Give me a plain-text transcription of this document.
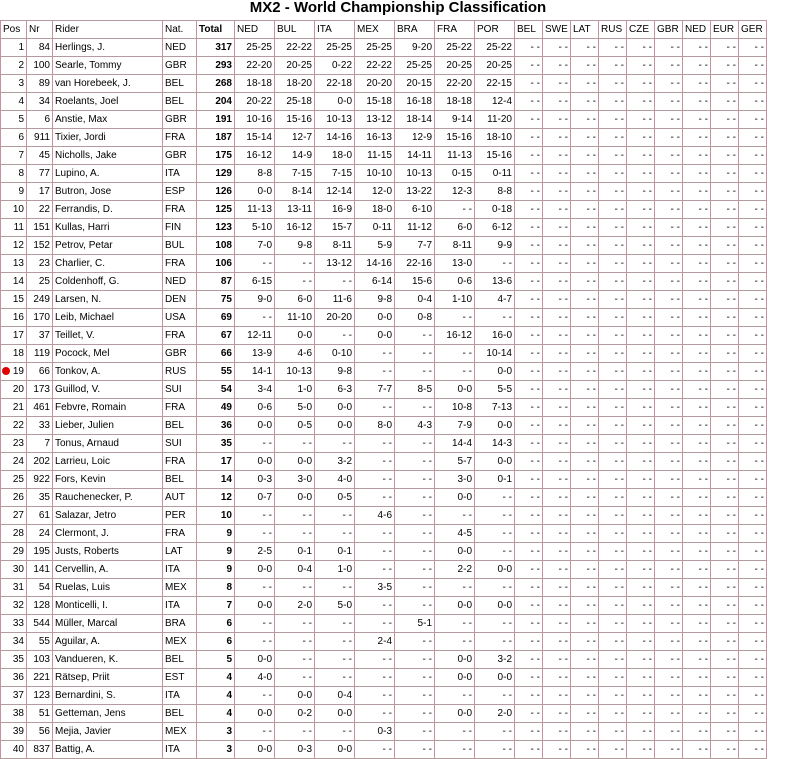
MX2 - World Championship Classification
Pos	Nr	Rider	Nat.	Total	NED	BUL	ITA	MEX	BRA	FRA	POR	BEL	SWE	LAT	RUS	CZE	GBR	NED	EUR	GER
1	84	Herlings, J.	NED	317	25-25	22-22	25-25	25-25	9-20	25-22	25-22	- -	- -	- -	- -	- -	- -	- -	- -	- -
2	100	Searle, Tommy	GBR	293	22-20	20-25	0-22	22-22	25-25	20-25	20-25	- -	- -	- -	- -	- -	- -	- -	- -	- -
3	89	van Horebeek, J.	BEL	268	18-18	18-20	22-18	20-20	20-15	22-20	22-15	- -	- -	- -	- -	- -	- -	- -	- -	- -
4	34	Roelants, Joel	BEL	204	20-22	25-18	0-0	15-18	16-18	18-18	12-4	- -	- -	- -	- -	- -	- -	- -	- -	- -
5	6	Anstie, Max	GBR	191	10-16	15-16	10-13	13-12	18-14	9-14	11-20	- -	- -	- -	- -	- -	- -	- -	- -	- -
6	911	Tixier, Jordi	FRA	187	15-14	12-7	14-16	16-13	12-9	15-16	18-10	- -	- -	- -	- -	- -	- -	- -	- -	- -
7	45	Nicholls, Jake	GBR	175	16-12	14-9	18-0	11-15	14-11	11-13	15-16	- -	- -	- -	- -	- -	- -	- -	- -	- -
8	77	Lupino, A.	ITA	129	8-8	7-15	7-15	10-10	10-13	0-15	0-11	- -	- -	- -	- -	- -	- -	- -	- -	- -
9	17	Butron, Jose	ESP	126	0-0	8-14	12-14	12-0	13-22	12-3	8-8	- -	- -	- -	- -	- -	- -	- -	- -	- -
10	22	Ferrandis, D.	FRA	125	11-13	13-11	16-9	18-0	6-10	- -	0-18	- -	- -	- -	- -	- -	- -	- -	- -	- -
11	151	Kullas, Harri	FIN	123	5-10	16-12	15-7	0-11	11-12	6-0	6-12	- -	- -	- -	- -	- -	- -	- -	- -	- -
12	152	Petrov, Petar	BUL	108	7-0	9-8	8-11	5-9	7-7	8-11	9-9	- -	- -	- -	- -	- -	- -	- -	- -	- -
13	23	Charlier, C.	FRA	106	- -	- -	13-12	14-16	22-16	13-0	- -	- -	- -	- -	- -	- -	- -	- -	- -	- -
14	25	Coldenhoff, G.	NED	87	6-15	- -	- -	6-14	15-6	0-6	13-6	- -	- -	- -	- -	- -	- -	- -	- -	- -
15	249	Larsen, N.	DEN	75	9-0	6-0	11-6	9-8	0-4	1-10	4-7	- -	- -	- -	- -	- -	- -	- -	- -	- -
16	170	Leib, Michael	USA	69	- -	11-10	20-20	0-0	0-8	- -	- -	- -	- -	- -	- -	- -	- -	- -	- -	- -
17	37	Teillet, V.	FRA	67	12-11	0-0	- -	0-0	- -	16-12	16-0	- -	- -	- -	- -	- -	- -	- -	- -	- -
18	119	Pocock, Mel	GBR	66	13-9	4-6	0-10	- -	- -	- -	10-14	- -	- -	- -	- -	- -	- -	- -	- -	- -

19	66	Tonkov, A.	RUS	55	14-1	10-13	9-8	- -	- -	- -	0-0	- -	- -	- -	- -	- -	- -	- -	- -	- -
20	173	Guillod, V.	SUI	54	3-4	1-0	6-3	7-7	8-5	0-0	5-5	- -	- -	- -	- -	- -	- -	- -	- -	- -
21	461	Febvre, Romain	FRA	49	0-6	5-0	0-0	- -	- -	10-8	7-13	- -	- -	- -	- -	- -	- -	- -	- -	- -
22	33	Lieber, Julien	BEL	36	0-0	0-5	0-0	8-0	4-3	7-9	0-0	- -	- -	- -	- -	- -	- -	- -	- -	- -
23	7	Tonus, Arnaud	SUI	35	- -	- -	- -	- -	- -	14-4	14-3	- -	- -	- -	- -	- -	- -	- -	- -	- -
24	202	Larrieu, Loic	FRA	17	0-0	0-0	3-2	- -	- -	5-7	0-0	- -	- -	- -	- -	- -	- -	- -	- -	- -
25	922	Fors, Kevin	BEL	14	0-3	3-0	4-0	- -	- -	3-0	0-1	- -	- -	- -	- -	- -	- -	- -	- -	- -
26	35	Rauchenecker, P.	AUT	12	0-7	0-0	0-5	- -	- -	0-0	- -	- -	- -	- -	- -	- -	- -	- -	- -	- -
27	61	Salazar, Jetro	PER	10	- -	- -	- -	4-6	- -	- -	- -	- -	- -	- -	- -	- -	- -	- -	- -	- -
28	24	Clermont, J.	FRA	9	- -	- -	- -	- -	- -	4-5	- -	- -	- -	- -	- -	- -	- -	- -	- -	- -
29	195	Justs, Roberts	LAT	9	2-5	0-1	0-1	- -	- -	0-0	- -	- -	- -	- -	- -	- -	- -	- -	- -	- -
30	141	Cervellin, A.	ITA	9	0-0	0-4	1-0	- -	- -	2-2	0-0	- -	- -	- -	- -	- -	- -	- -	- -	- -
31	54	Ruelas, Luis	MEX	8	- -	- -	- -	3-5	- -	- -	- -	- -	- -	- -	- -	- -	- -	- -	- -	- -
32	128	Monticelli, I.	ITA	7	0-0	2-0	5-0	- -	- -	0-0	0-0	- -	- -	- -	- -	- -	- -	- -	- -	- -
33	544	Müller, Marcal	BRA	6	- -	- -	- -	- -	5-1	- -	- -	- -	- -	- -	- -	- -	- -	- -	- -	- -
34	55	Aguilar, A.	MEX	6	- -	- -	- -	2-4	- -	- -	- -	- -	- -	- -	- -	- -	- -	- -	- -	- -
35	103	Vandueren, K.	BEL	5	0-0	- -	- -	- -	- -	0-0	3-2	- -	- -	- -	- -	- -	- -	- -	- -	- -
36	221	Rätsep, Priit	EST	4	4-0	- -	- -	- -	- -	0-0	0-0	- -	- -	- -	- -	- -	- -	- -	- -	- -
37	123	Bernardini, S.	ITA	4	- -	0-0	0-4	- -	- -	- -	- -	- -	- -	- -	- -	- -	- -	- -	- -	- -
38	51	Getteman, Jens	BEL	4	0-0	0-2	0-0	- -	- -	0-0	2-0	- -	- -	- -	- -	- -	- -	- -	- -	- -
39	56	Mejia, Javier	MEX	3	- -	- -	- -	0-3	- -	- -	- -	- -	- -	- -	- -	- -	- -	- -	- -	- -
40	837	Battig, A.	ITA	3	0-0	0-3	0-0	- -	- -	- -	- -	- -	- -	- -	- -	- -	- -	- -	- -	- -
